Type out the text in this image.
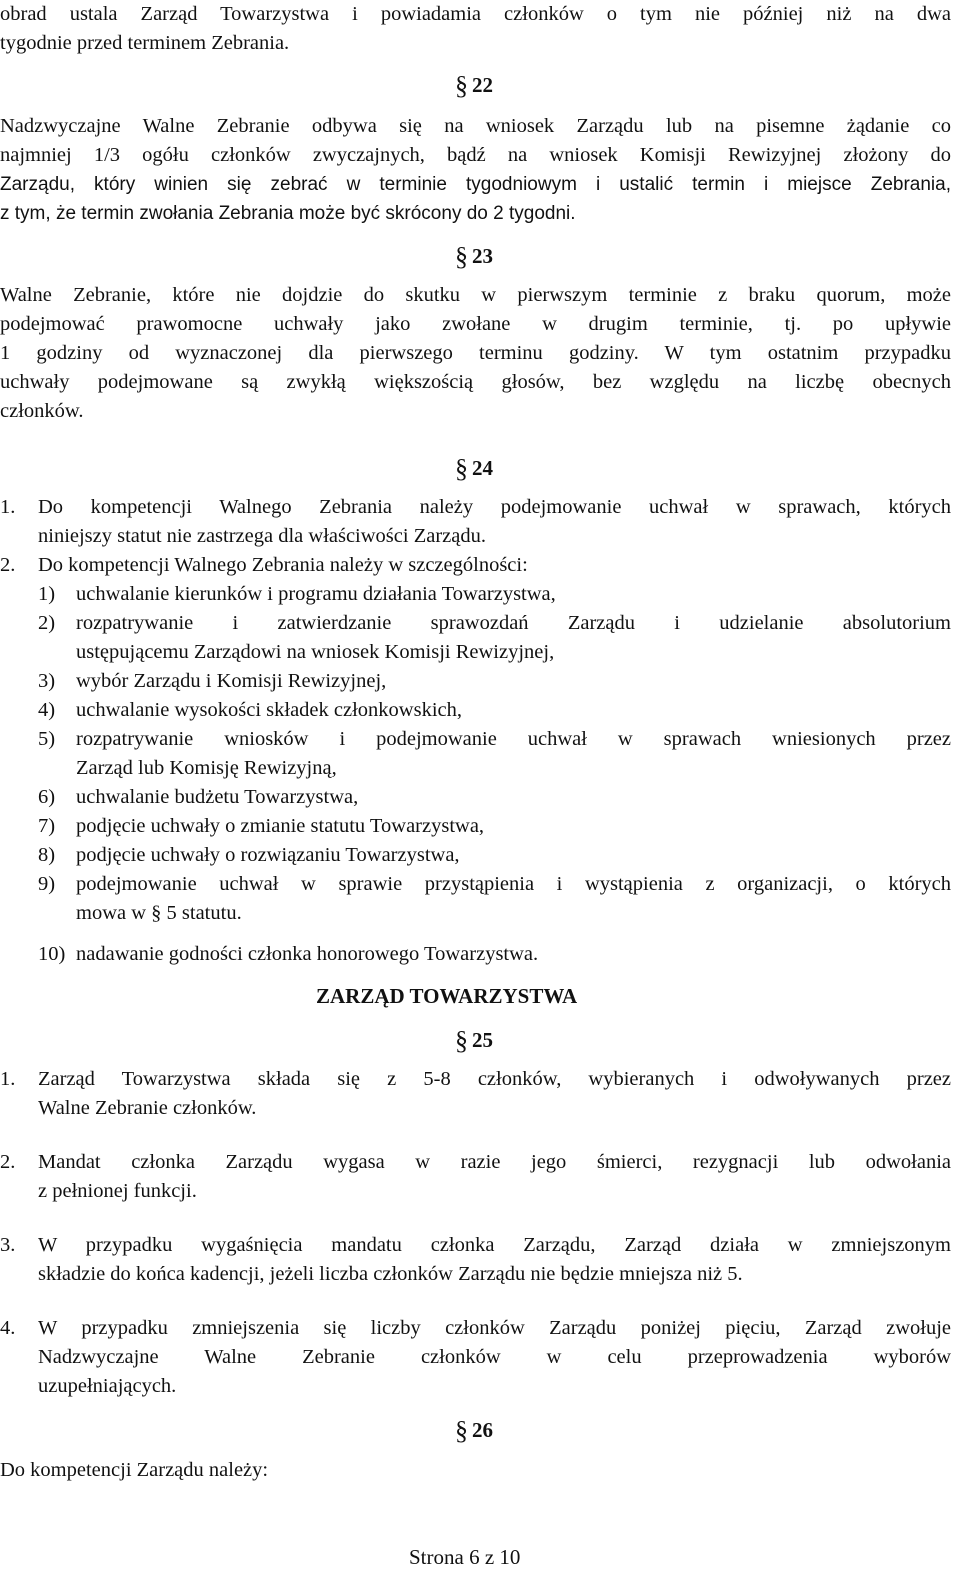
obrad ustala Zarząd Towarzystwa i powiadamia członków o tym nie później niż na dwa
tygodnie przed terminem Zebrania.
§ 22
Nadzwyczajne Walne Zebranie odbywa się na wniosek Zarządu lub na pisemne żądanie co
najmniej 1/3 ogółu członków zwyczajnych, bądź na wniosek Komisji Rewizyjnej złożony do
Zarządu, który winien się zebrać w terminie tygodniowym i ustalić termin i miejsce Zebrania,
z tym, że termin zwołania Zebrania może być skrócony do 2 tygodni.
§ 23
Walne Zebranie, które nie dojdzie do skutku w pierwszym terminie z braku quorum, może
podejmować prawomocne uchwały jako zwołane w drugim terminie, tj. po upływie
1 godziny od wyznaczonej dla pierwszego terminu godziny. W tym ostatnim przypadku
uchwały podejmowane są zwykłą większością głosów, bez względu na liczbę obecnych
członków.
§ 24
1. Do kompetencji Walnego Zebrania należy podejmowanie uchwał w sprawach, których
niniejszy statut nie zastrzega dla właściwości Zarządu.
2. Do kompetencji Walnego Zebrania należy w szczególności:
1) uchwalanie kierunków i programu działania Towarzystwa,
2) rozpatrywanie i zatwierdzanie sprawozdań Zarządu i udzielanie absolutorium
ustępującemu Zarządowi na wniosek Komisji Rewizyjnej,
3) wybór Zarządu i Komisji Rewizyjnej,
4) uchwalanie wysokości składek członkowskich,
5) rozpatrywanie wniosków i podejmowanie uchwał w sprawach wniesionych przez
Zarząd lub Komisję Rewizyjną,
6) uchwalanie budżetu Towarzystwa,
7) podjęcie uchwały o zmianie statutu Towarzystwa,
8) podjęcie uchwały o rozwiązaniu Towarzystwa,
9) podejmowanie uchwał w sprawie przystąpienia i wystąpienia z organizacji, o których
mowa w § 5 statutu.
10) nadawanie godności członka honorowego Towarzystwa.
ZARZĄD TOWARZYSTWA
§ 25
1. Zarząd Towarzystwa składa się z 5-8 członków, wybieranych i odwoływanych przez
Walne Zebranie członków.
2. Mandat członka Zarządu wygasa w razie jego śmierci, rezygnacji lub odwołania
z pełnionej funkcji.
3. W przypadku wygaśnięcia mandatu członka Zarządu, Zarząd działa w zmniejszonym
składzie do końca kadencji, jeżeli liczba członków Zarządu nie będzie mniejsza niż 5.
4. W przypadku zmniejszenia się liczby członków Zarządu poniżej pięciu, Zarząd zwołuje
Nadzwyczajne Walne Zebranie członków w celu przeprowadzenia wyborów
uzupełniających.
§ 26
Do kompetencji Zarządu należy:
Strona 6 z 10
